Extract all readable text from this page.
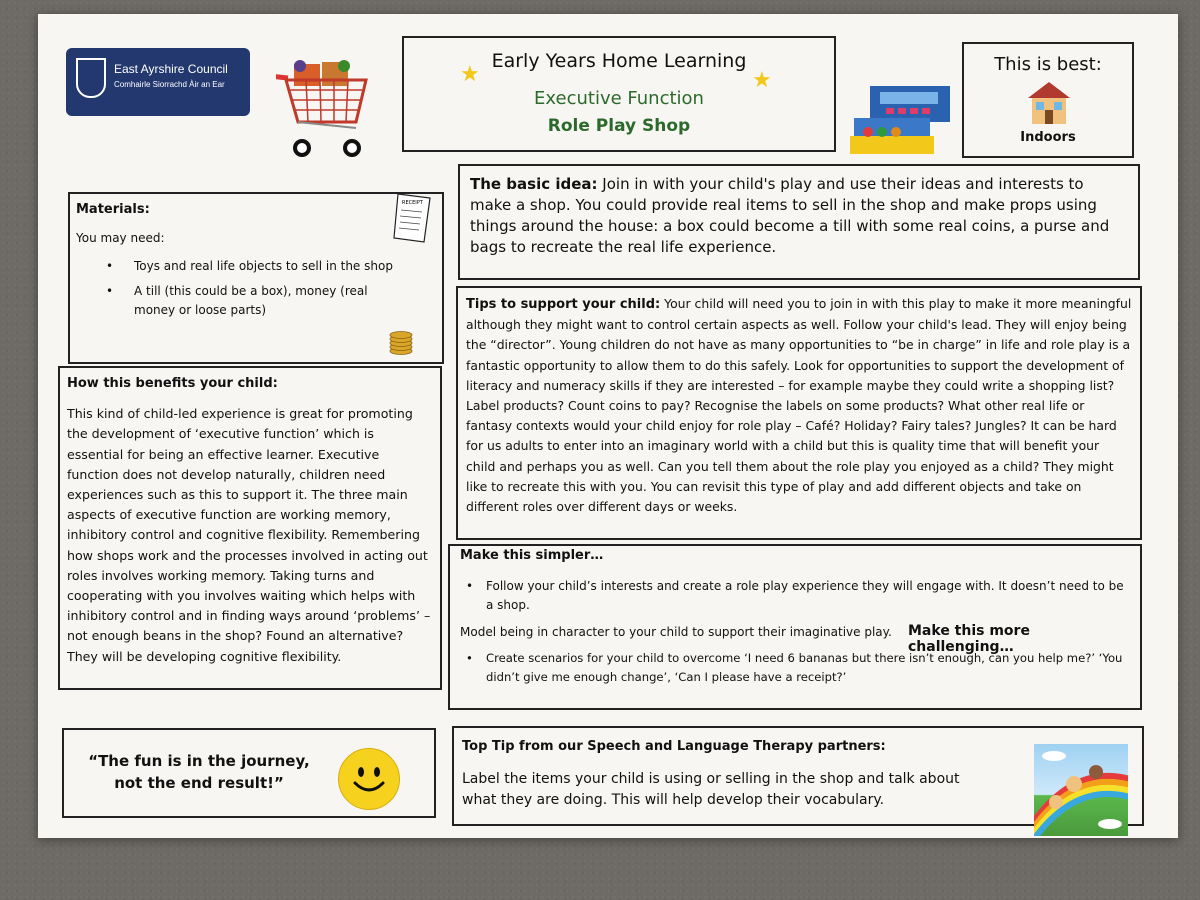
East Ayrshire Council
Comhairle Siorrachd Àir an Ear
Early Years Home Learning
Executive Function
Role Play Shop
★	★
This is best:
Indoors
The basic idea: Join in with your child's play and use their ideas and interests to make a shop. You could provide real items to sell in the shop and make props using things around the house: a box could become a till with some real coins, a purse and bags to recreate the real life experience.
Tips to support your child: Your child will need you to join in with this play to make it more meaningful although they might want to control certain aspects as well. Follow your child's lead. They will enjoy being the “director”. Young children do not have as many opportunities to “be in charge” in life and role play is a fantastic opportunity to allow them to do this safely. Look for opportunities to support the development of literacy and numeracy skills if they are interested – for example maybe they could write a shopping list? Label products? Count coins to pay? Recognise the labels on some products? What other real life or fantasy contexts would your child enjoy for role play – Café? Holiday? Fairy tales? Jungles? It can be hard for us adults to enter into an imaginary world with a child but this is quality time that will benefit your child and perhaps you as well. Can you tell them about the role play you enjoyed as a child? They might like to recreate this with you. You can revisit this type of play and add different objects and take on different roles over different days or weeks.
Materials:
You may need:
• Toys and real life objects to sell in the shop
• A till (this could be a box), money (real money or loose parts)
RECEIPT
How this benefits your child:
This kind of child-led experience is great for promoting the development of ‘executive function’ which is essential for being an effective learner. Executive function does not develop naturally, children need experiences such as this to support it. The three main aspects of executive function are working memory, inhibitory control and cognitive flexibility. Remembering how shops work and the processes involved in acting out roles involves working memory. Taking turns and cooperating with you involves waiting which helps with inhibitory control and in finding ways around ‘problems’ – not enough beans in the shop? Found an alternative? They will be developing cognitive flexibility.
Make this simpler…
• Follow your child’s interests and create a role play experience they will engage with. It doesn’t need to be a shop.
Model being in character to your child to support their imaginative play. Make this more challenging…
• Create scenarios for your child to overcome ‘I need 6 bananas but there isn’t enough, can you help me?’ ‘You didn’t give me enough change’, ‘Can I please have a receipt?’
“The fun is in the journey,
not the end result!”
Top Tip from our Speech and Language Therapy partners:
Label the items your child is using or selling in the shop and talk about what they are doing. This will help develop their vocabulary.
